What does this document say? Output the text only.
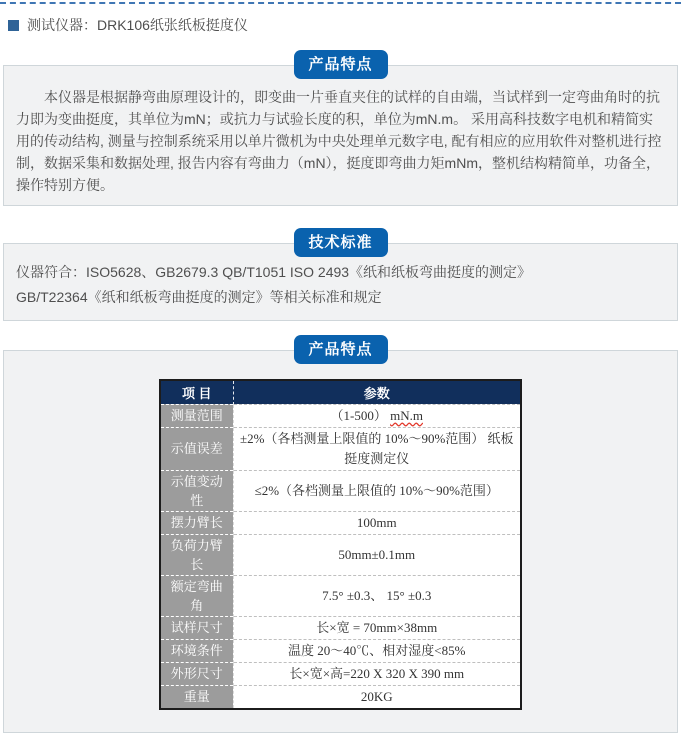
测试仪器：DRK106纸张纸板挺度仪
产品特点

本仪器是根据静弯曲原理设计的，即变曲一片垂直夹住的试样的自由端，当试样到一定弯曲角时的抗力即为变曲挺度，其单位为mN；或抗力与试验长度的积，单位为mN.m。 采用高科技数字电机和精简实用的传动结构, 测量与控制系统采用以单片微机为中央处理单元数字电, 配有相应的应用软件对整机进行控制，数据采集和数据处理, 报告内容有弯曲力（mN），挺度即弯曲力矩mNm，整机结构精简单，功备全，操作特别方便。

技术标准
仪器符合：ISO5628、GB2679.3 QB/T1051 ISO 2493《纸和纸板弯曲挺度的测定》
GB/T22364《纸和纸板弯曲挺度的测定》等相关标准和规定
产品特点
项 目	参数
测量范围	（1-500） mN.m
示值误差	±2%（各档测量上限值的 10%～90%范围） 纸板挺度测定仪
示值变动性	≤2%（各档测量上限值的 10%～90%范围）
摆力臂长	100mm
负荷力臂长	50mm±0.1mm
额定弯曲角	7.5° ±0.3、 15° ±0.3
试样尺寸	长×宽 = 70mm×38mm
环境条件	温度 20～40℃、相对湿度<85%
外形尺寸	长×宽×高=220 X 320 X 390 mm
重量	20KG
